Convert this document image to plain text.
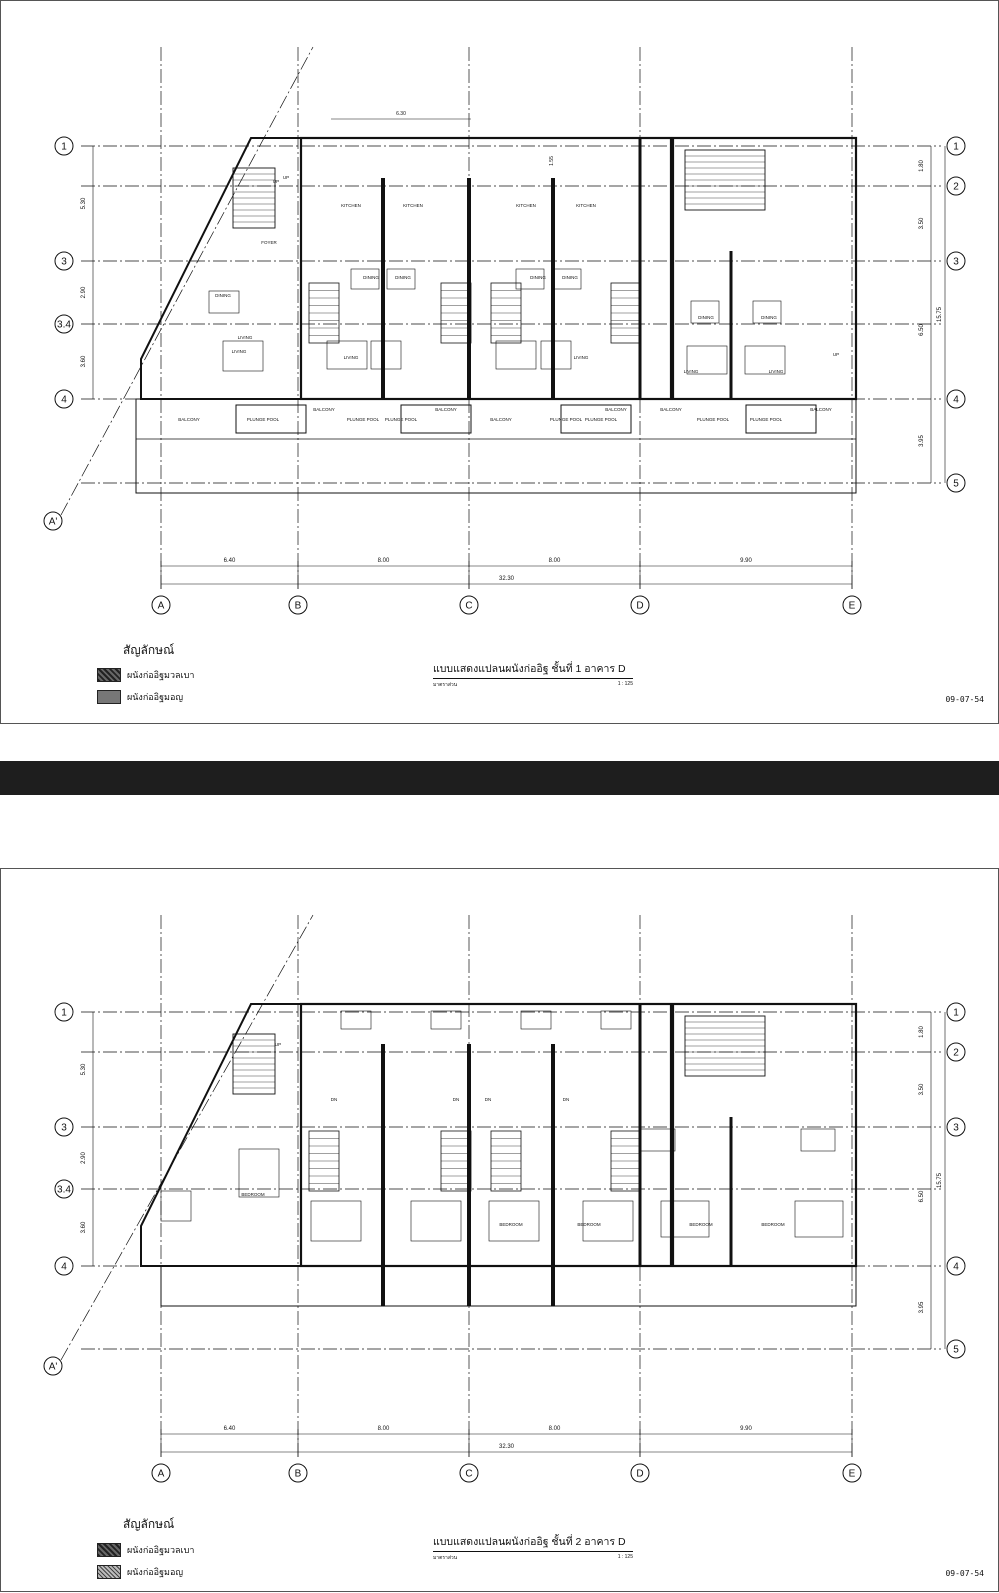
A	B	C	D	E
1
3
3.4
4
A'
1
2
3
4
5
5.30
2.90
3.60
1.80
3.50
6.50
3.95
15.75
6.40	8.00	8.00	9.90
32.30
KITCHEN	KITCHEN	KITCHEN	KITCHEN
DINING	DINING	DINING	DINING
LIVING
LIVING	LIVING
BALCONY	PLUNGE POOL
BALCONY
PLUNGE POOL PLUNGE POOL
BALCONY
BALCONY	PLUNGE POOL PLUNGE POOL
BALCONY	BALCONY
PLUNGE POOL	PLUNGE POOL
BALCONY
DINING	DINING
LIVING	LIVING
FOYER
DINING
LIVING
UP
UP
UP
6.30
1.55
สัญลักษณ์
ผนังก่ออิฐมวลเบา
ผนังก่ออิฐมอญ
แบบแสดงแปลนผนังก่ออิฐ ชั้นที่ 1 อาคาร D
มาตราส่วน	1 : 125
09-07-54
A	B	C	D	E
1
3
3.4
4
A'
1
2
3
4
5
5.30
2.90
3.60
1.80
3.50
6.50
3.95
15.75
6.40	8.00	8.00	9.90
32.30
BEDROOM
BEDROOM	BEDROOM	BEDROOM	BEDROOM
DN	DN	DN	DN
UP
สัญลักษณ์
ผนังก่ออิฐมวลเบา
ผนังก่ออิฐมอญ
แบบแสดงแปลนผนังก่ออิฐ ชั้นที่ 2 อาคาร D
มาตราส่วน	1 : 125
09-07-54
